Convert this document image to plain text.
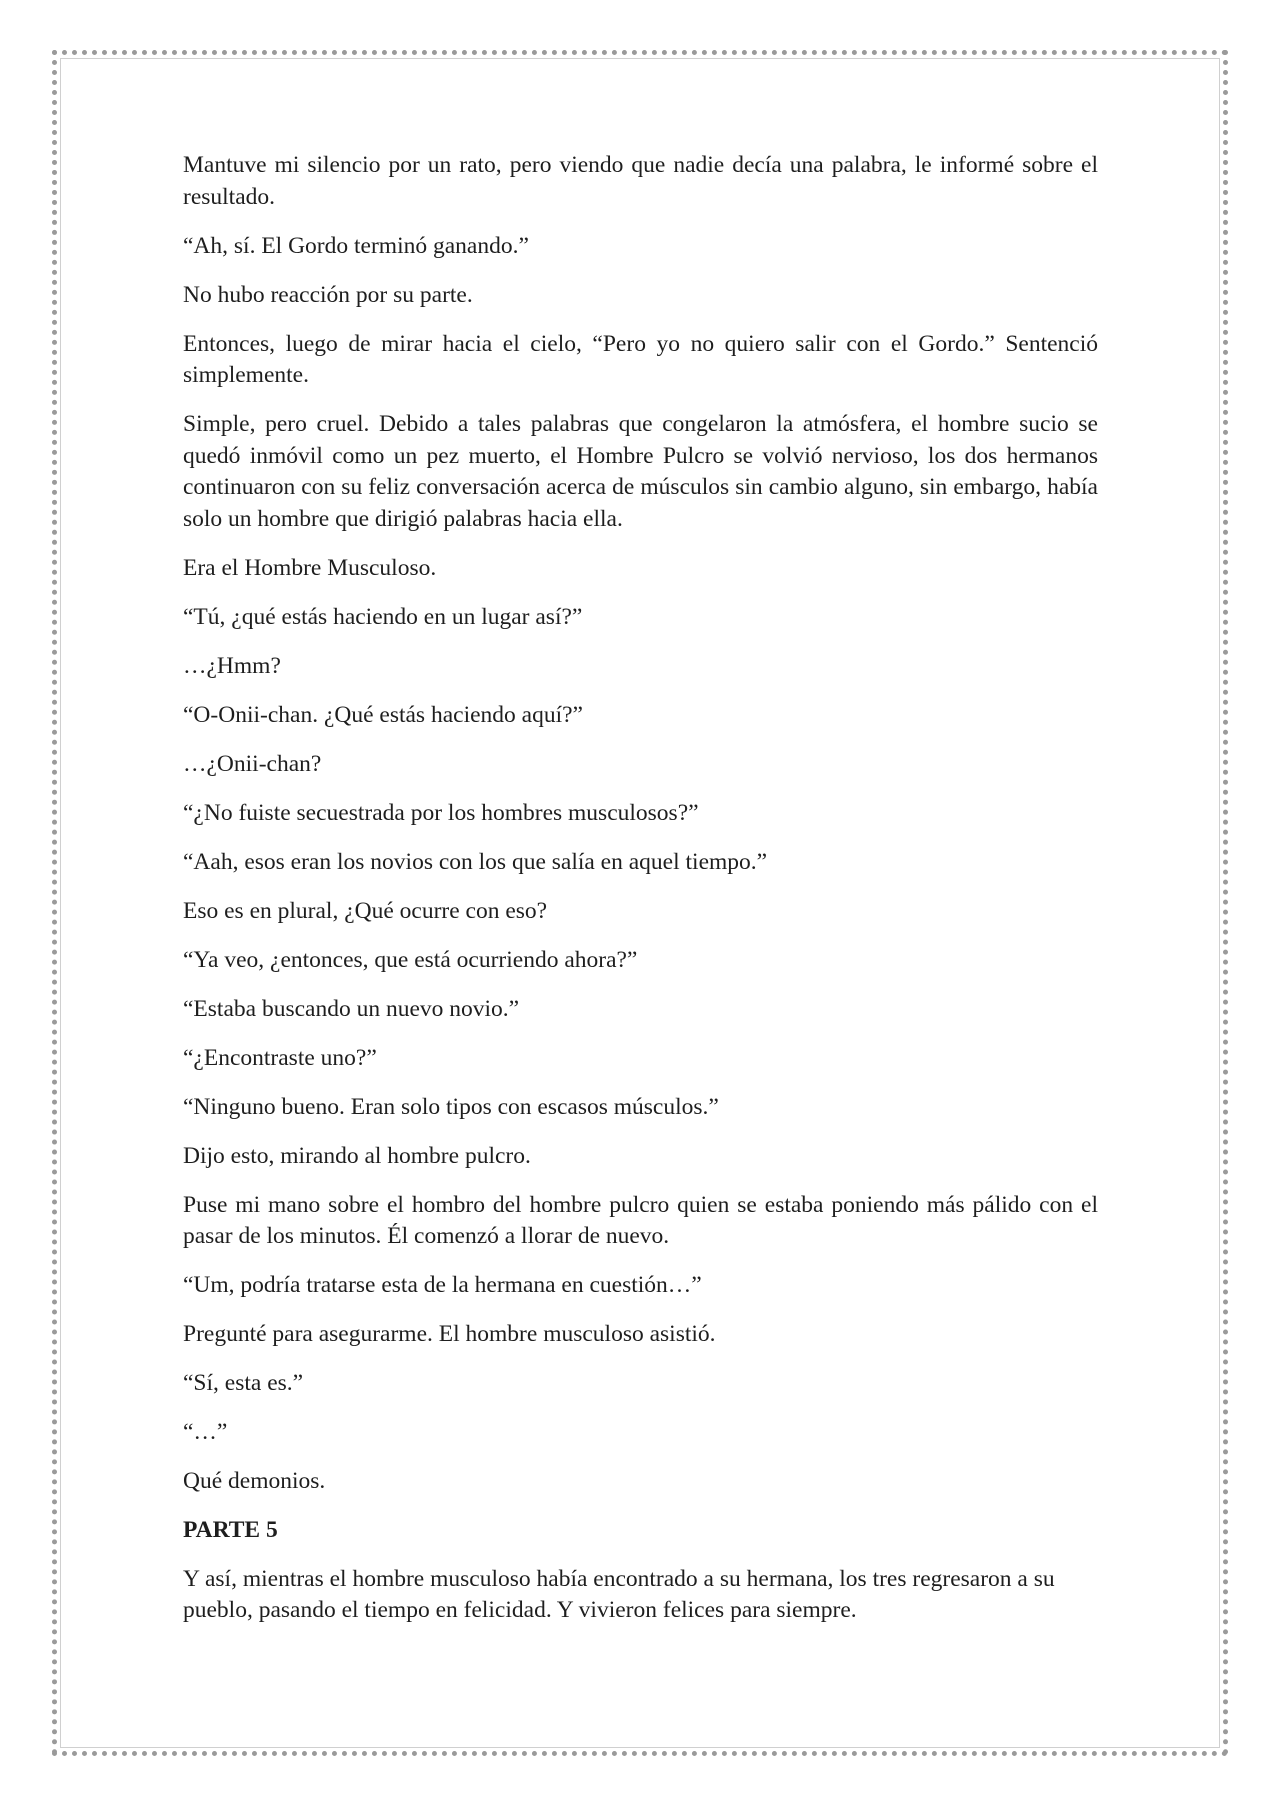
Mantuve mi silencio por un rato, pero viendo que nadie decía una palabra, le informé sobre el resultado.

“Ah, sí. El Gordo terminó ganando.”

No hubo reacción por su parte.

Entonces, luego de mirar hacia el cielo, “Pero yo no quiero salir con el Gordo.” Sentenció simplemente.

Simple, pero cruel. Debido a tales palabras que congelaron la atmósfera, el hombre sucio se quedó inmóvil como un pez muerto, el Hombre Pulcro se volvió nervioso, los dos hermanos continuaron con su feliz conversación acerca de músculos sin cambio alguno, sin embargo, había solo un hombre que dirigió palabras hacia ella.

Era el Hombre Musculoso.

“Tú, ¿qué estás haciendo en un lugar así?”

…¿Hmm?

“O-Onii-chan. ¿Qué estás haciendo aquí?”

…¿Onii-chan?

“¿No fuiste secuestrada por los hombres musculosos?”

“Aah, esos eran los novios con los que salía en aquel tiempo.”

Eso es en plural, ¿Qué ocurre con eso?

“Ya veo, ¿entonces, que está ocurriendo ahora?”

“Estaba buscando un nuevo novio.”

“¿Encontraste uno?”

“Ninguno bueno. Eran solo tipos con escasos músculos.”

Dijo esto, mirando al hombre pulcro.

Puse mi mano sobre el hombro del hombre pulcro quien se estaba poniendo más pálido con el pasar de los minutos. Él comenzó a llorar de nuevo.

“Um, podría tratarse esta de la hermana en cuestión…”

Pregunté para asegurarme. El hombre musculoso asistió.

“Sí, esta es.”

“…”

Qué demonios.

PARTE 5

Y así, mientras el hombre musculoso había encontrado a su hermana, los tres regresaron a su pueblo, pasando el tiempo en felicidad. Y vivieron felices para siempre.
